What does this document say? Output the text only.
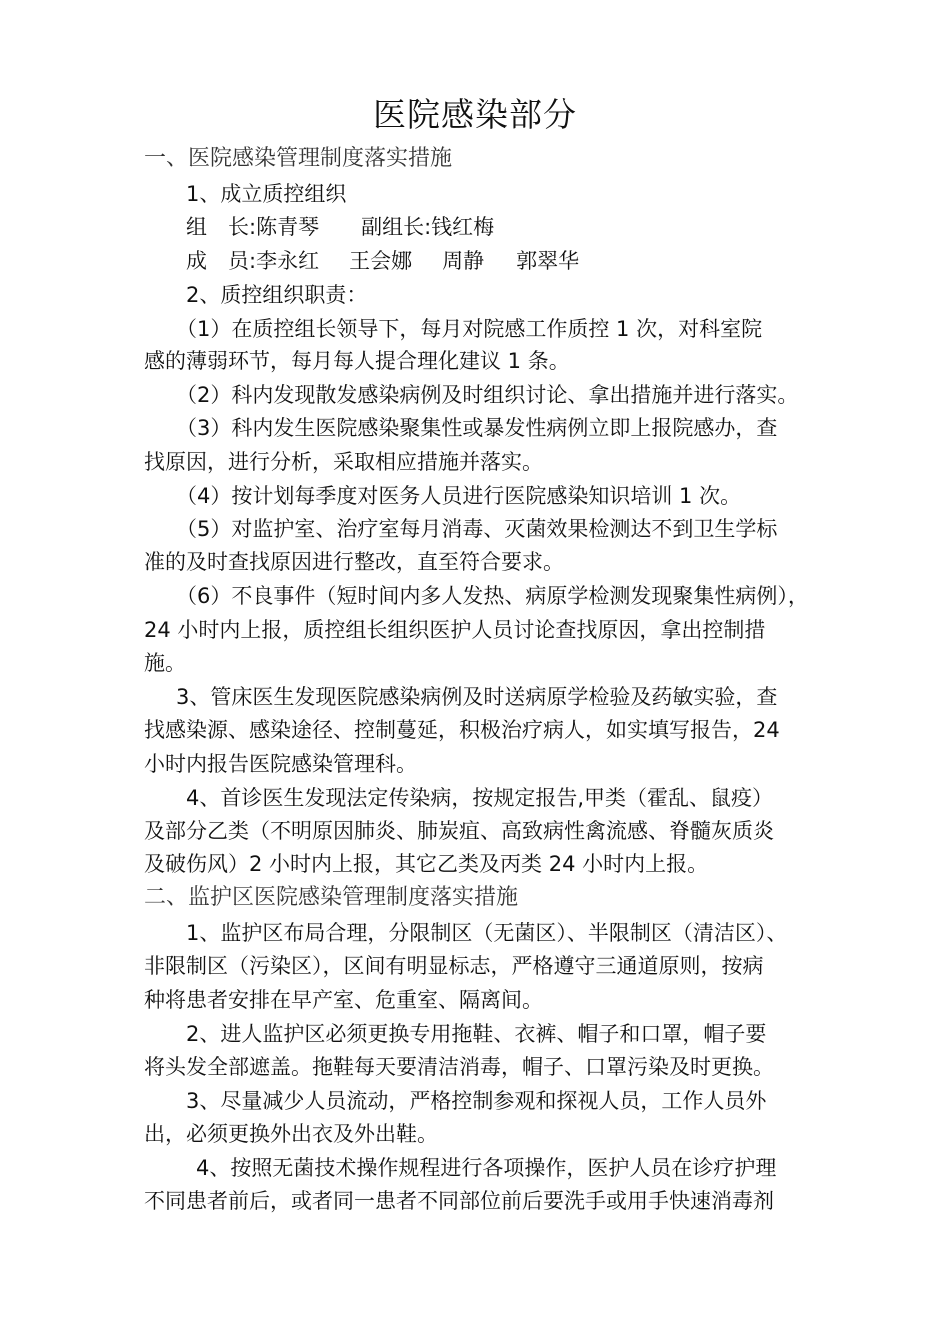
医院感染部分
一、医院感染管理制度落实措施
1、成立质控组织
组　长:陈青琴　　副组长:钱红梅
成　员:李永红 王会娜 周静 郭翠华
2、质控组织职责：
（1）在质控组长领导下，每月对院感工作质控 1 次，对科室院
感的薄弱环节，每月每人提合理化建议 1 条。
（2）科内发现散发感染病例及时组织讨论、拿出措施并进行落实。
（3）科内发生医院感染聚集性或暴发性病例立即上报院感办，查
找原因，进行分析，采取相应措施并落实。
（4）按计划每季度对医务人员进行医院感染知识培训 1 次。
（5）对监护室、治疗室每月消毒、灭菌效果检测达不到卫生学标
准的及时查找原因进行整改，直至符合要求。
（6）不良事件（短时间内多人发热、病原学检测发现聚集性病例），
24 小时内上报，质控组长组织医护人员讨论查找原因，拿出控制措
施。
3、管床医生发现医院感染病例及时送病原学检验及药敏实验，查
找感染源、感染途径、控制蔓延，积极治疗病人，如实填写报告，24
小时内报告医院感染管理科。
4、首诊医生发现法定传染病，按规定报告,甲类（霍乱、鼠疫）
及部分乙类（不明原因肺炎、肺炭疽、高致病性禽流感、脊髓灰质炎
及破伤风）2 小时内上报，其它乙类及丙类 24 小时内上报。
二、监护区医院感染管理制度落实措施
1、监护区布局合理，分限制区（无菌区）、半限制区（清洁区）、
非限制区（污染区），区间有明显标志，严格遵守三通道原则，按病
种将患者安排在早产室、危重室、隔离间。
2、进人监护区必须更换专用拖鞋、衣裤、帽子和口罩，帽子要
将头发全部遮盖。拖鞋每天要清洁消毒，帽子、口罩污染及时更换。
3、尽量减少人员流动，严格控制参观和探视人员，工作人员外
出，必须更换外出衣及外出鞋。
4、按照无菌技术操作规程进行各项操作，医护人员在诊疗护理
不同患者前后，或者同一患者不同部位前后要洗手或用手快速消毒剂
